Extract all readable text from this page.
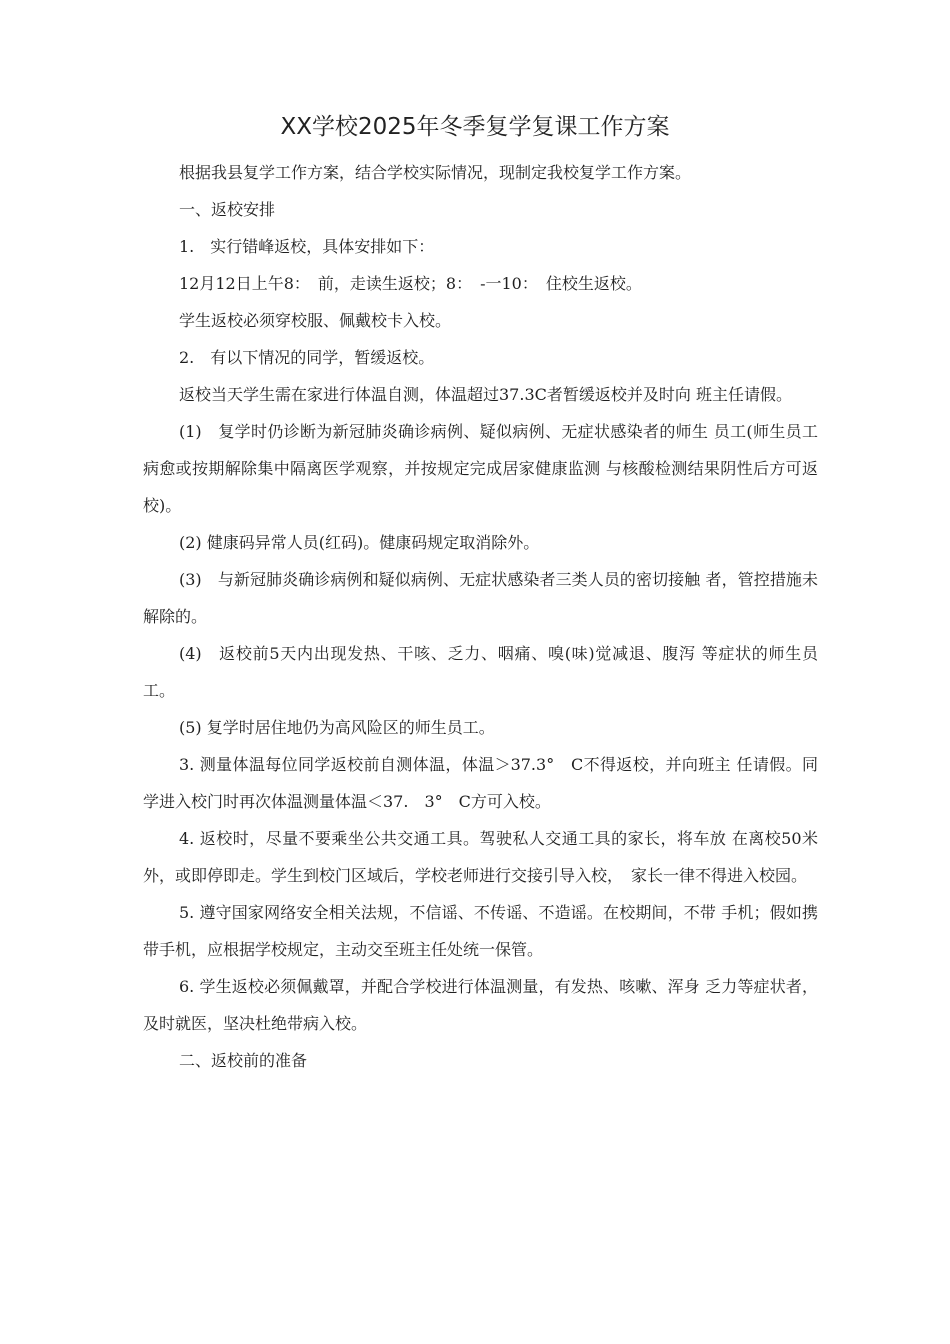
XX学校2025年冬季复学复课工作方案

根据我县复学工作方案，结合学校实际情况，现制定我校复学工作方案。

一、返校安排

1.　实行错峰返校，具体安排如下：

12月12日上午8：　前，走读生返校；8：　-一10：　住校生返校。

学生返校必须穿校服、佩戴校卡入校。

2.　有以下情况的同学，暂缓返校。

返校当天学生需在家进行体温自测，体温超过37.3C者暂缓返校并及时向 班主任请假。

(1)　复学时仍诊断为新冠肺炎确诊病例、疑似病例、无症状感染者的师生 员工(师生员工病愈或按期解除集中隔离医学观察，并按规定完成居家健康监测 与核酸检测结果阴性后方可返校)。

(2) 健康码异常人员(红码)。健康码规定取消除外。

(3)　与新冠肺炎确诊病例和疑似病例、无症状感染者三类人员的密切接触 者，管控措施未解除的。

(4)　返校前5天内出现发热、干咳、乏力、咽痛、嗅(味)觉减退、腹泻 等症状的师生员工。

(5) 复学时居住地仍为高风险区的师生员工。

3. 测量体温每位同学返校前自测体温，体温＞37.3°　C不得返校，并向班主 任请假。同学进入校门时再次体温测量体温＜37.　3°　C方可入校。

4. 返校时，尽量不要乘坐公共交通工具。驾驶私人交通工具的家长，将车放 在离校50米外，或即停即走。学生到校门区域后，学校老师进行交接引导入校，　家长一律不得进入校园。

5. 遵守国家网络安全相关法规，不信谣、不传谣、不造谣。在校期间，不带 手机；假如携带手机，应根据学校规定，主动交至班主任处统一保管。

6. 学生返校必须佩戴罩，并配合学校进行体温测量，有发热、咳嗽、浑身 乏力等症状者，及时就医，坚决杜绝带病入校。

二、返校前的准备
